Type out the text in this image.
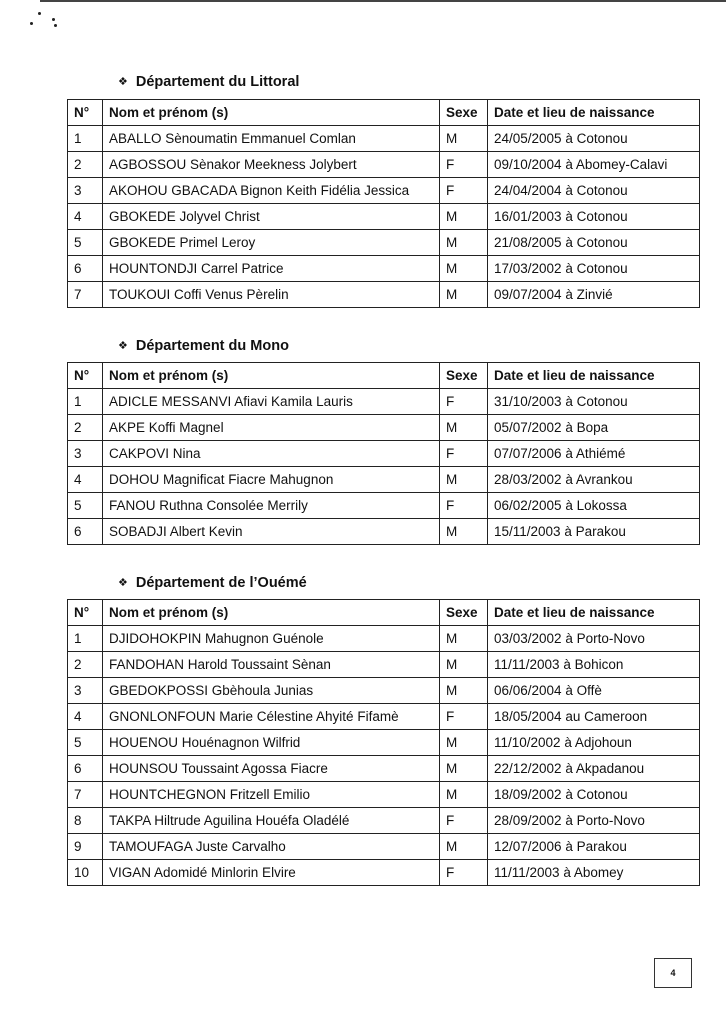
❖ Département du Littoral
N°	Nom et prénom (s)	Sexe	Date et lieu de naissance
1	ABALLO Sènoumatin Emmanuel Comlan	M	24/05/2005 à Cotonou
2	AGBOSSOU Sènakor Meekness Jolybert	F	09/10/2004 à Abomey-Calavi
3	AKOHOU GBACADA Bignon Keith Fidélia Jessica	F	24/04/2004 à Cotonou
4	GBOKEDE Jolyvel Christ	M	16/01/2003 à Cotonou
5	GBOKEDE Primel Leroy	M	21/08/2005 à Cotonou
6	HOUNTONDJI Carrel Patrice	M	17/03/2002 à Cotonou
7	TOUKOUI Coffi Venus Pèrelin	M	09/07/2004 à Zinvié
❖ Département du Mono
N°	Nom et prénom (s)	Sexe	Date et lieu de naissance
1	ADICLE MESSANVI Afiavi Kamila Lauris	F	31/10/2003 à Cotonou
2	AKPE Koffi Magnel	M	05/07/2002 à Bopa
3	CAKPOVI Nina	F	07/07/2006 à Athiémé
4	DOHOU Magnificat Fiacre Mahugnon	M	28/03/2002 à Avrankou
5	FANOU Ruthna Consolée Merrily	F	06/02/2005 à Lokossa
6	SOBADJI Albert Kevin	M	15/11/2003 à Parakou
❖ Département de l’Ouémé
N°	Nom et prénom (s)	Sexe	Date et lieu de naissance
1	DJIDOHOKPIN Mahugnon Guénole	M	03/03/2002 à Porto-Novo
2	FANDOHAN Harold Toussaint Sènan	M	11/11/2003 à Bohicon
3	GBEDOKPOSSI Gbèhoula Junias	M	06/06/2004 à Offè
4	GNONLONFOUN Marie Célestine Ahyité Fifamè	F	18/05/2004 au Cameroon
5	HOUENOU Houénagnon Wilfrid	M	11/10/2002 à Adjohoun
6	HOUNSOU Toussaint Agossa Fiacre	M	22/12/2002 à Akpadanou
7	HOUNTCHEGNON Fritzell Emilio	M	18/09/2002 à Cotonou
8	TAKPA Hiltrude Aguilina Houéfa Oladélé	F	28/09/2002 à Porto-Novo
9	TAMOUFAGA Juste Carvalho	M	12/07/2006 à Parakou
10	VIGAN Adomidé Minlorin Elvire	F	11/11/2003 à Abomey
4
